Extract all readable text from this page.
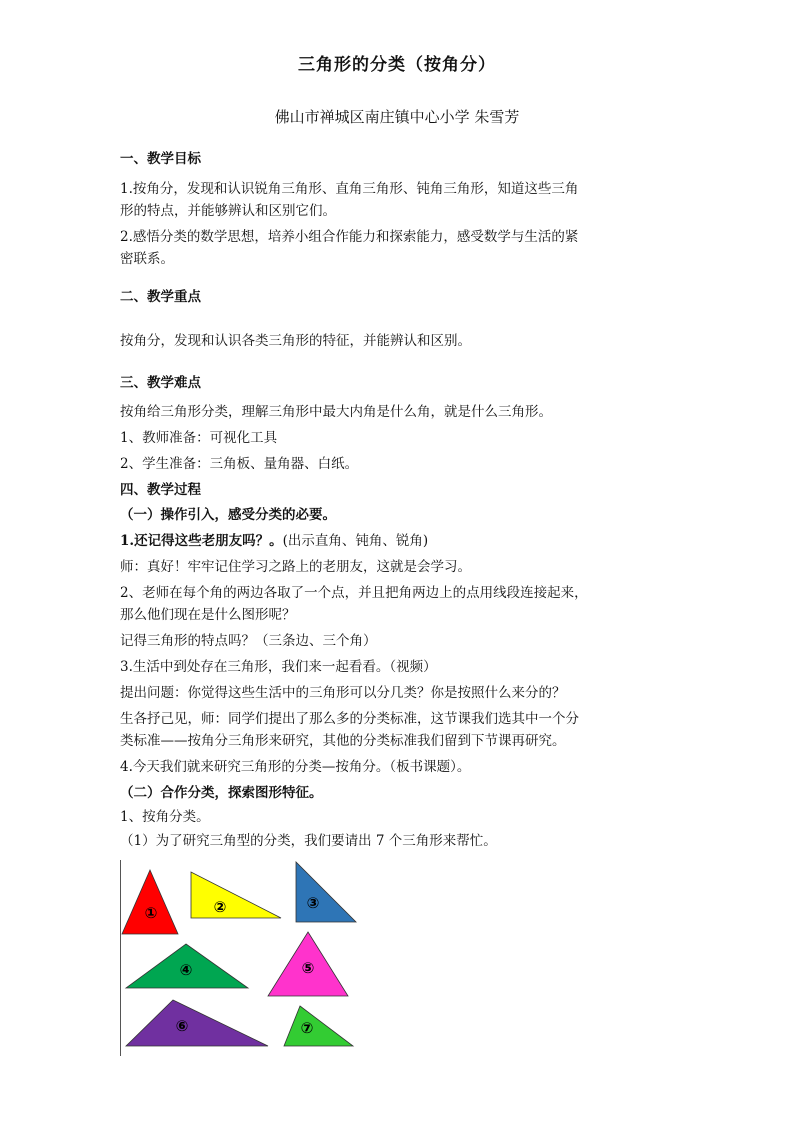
三角形的分类（按角分）
佛山市禅城区南庄镇中心小学 朱雪芳
一、教学目标
1.按角分，发现和认识锐角三角形、直角三角形、钝角三角形，知道这些三角
形的特点，并能够辨认和区别它们。
2.感悟分类的数学思想，培养小组合作能力和探索能力，感受数学与生活的紧
密联系。
二、教学重点
按角分，发现和认识各类三角形的特征，并能辨认和区别。
三、教学难点
按角给三角形分类，理解三角形中最大内角是什么角，就是什么三角形。
1、教师准备：可视化工具
2、学生准备：三角板、量角器、白纸。
四、教学过程
（一）操作引入，感受分类的必要。
1.还记得这些老朋友吗？。(出示直角、钝角、锐角)
师：真好！牢牢记住学习之路上的老朋友，这就是会学习。
2、老师在每个角的两边各取了一个点，并且把角两边上的点用线段连接起来，
那么他们现在是什么图形呢？
记得三角形的特点吗？（三条边、三个角）
3.生活中到处存在三角形，我们来一起看看。（视频）
提出问题：你觉得这些生活中的三角形可以分几类？你是按照什么来分的？
生各抒己见，师：同学们提出了那么多的分类标准，这节课我们选其中一个分
类标准——按角分三角形来研究，其他的分类标准我们留到下节课再研究。
4.今天我们就来研究三角形的分类—按角分。（板书课题）。
（二）合作分类，探索图形特征。
1、按角分类。
（1）为了研究三角型的分类，我们要请出 7 个三角形来帮忙。
①	②	③
④	⑤
⑥	⑦
